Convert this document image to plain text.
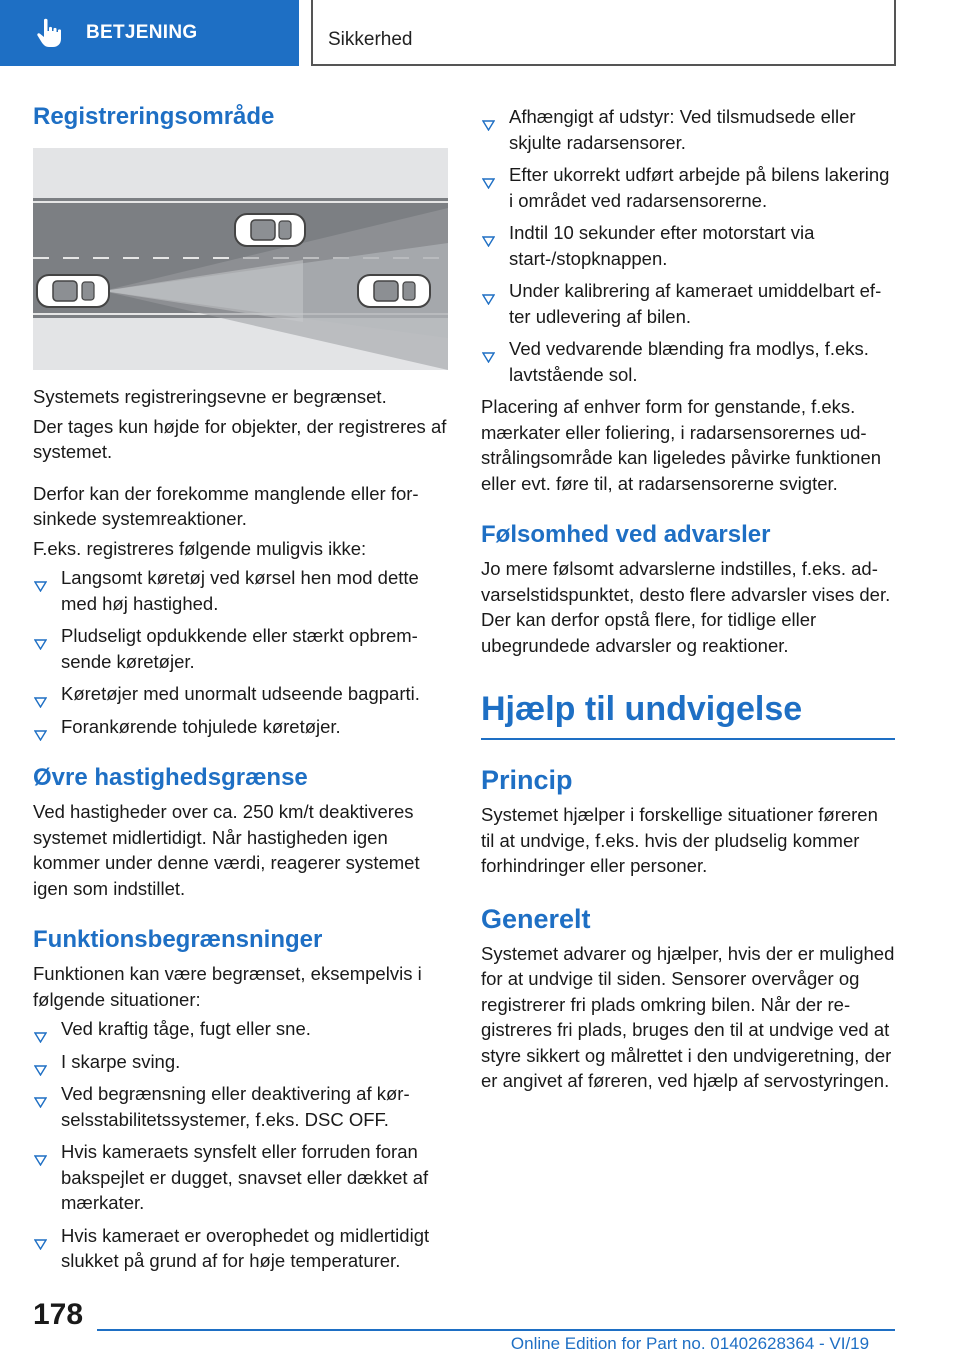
BETJENING	Sikkerhed
Registreringsområde

Systemets registreringsevne er begrænset.

Der tages kun højde for objekter, der registreres af systemet.

Derfor kan der forekomme manglende eller forsinkede systemreaktioner.

F.eks. registreres følgende muligvis ikke:

Langsomt køretøj ved kørsel hen mod dette med høj hastighed.
Pludseligt opdukkende eller stærkt opbremsende køretøjer.
Køretøjer med unormalt udseende bagparti.
Forankørende tohjulede køretøjer.
Øvre hastighedsgrænse

Ved hastigheder over ca. 250 km/t deaktiveres systemet midlertidigt. Når hastigheden igen kommer under denne værdi, reagerer systemet igen som indstillet.

Funktionsbegrænsninger

Funktionen kan være begrænset, eksempelvis i følgende situationer:

Ved kraftig tåge, fugt eller sne.
I skarpe sving.
Ved begrænsning eller deaktivering af kørselsstabilitetssystemer, f.eks. DSC OFF.
Hvis kameraets synsfelt eller forruden foran bakspejlet er dugget, snavset eller dækket af mærkater.
Hvis kameraet er overophedet og midlertidigt slukket på grund af for høje temperaturer.
Afhængigt af udstyr: Ved tilsmudsede eller skjulte radarsensorer.
Efter ukorrekt udført arbejde på bilens lakering i området ved radarsensorerne.
Indtil 10 sekunder efter motorstart via start-/stopknappen.
Under kalibrering af kameraet umiddelbart efter udlevering af bilen.
Ved vedvarende blænding fra modlys, f.eks. lavtstående sol.

Placering af enhver form for genstande, f.eks. mærkater eller foliering, i radarsensorernes udstrålingsområde kan ligeledes påvirke funktionen eller evt. føre til, at radarsensorerne svigter.

Følsomhed ved advarsler

Jo mere følsomt advarslerne indstilles, f.eks. advarselstidspunktet, desto flere advarsler vises der. Der kan derfor opstå flere, for tidlige eller ubegrundede advarsler og reaktioner.

Hjælp til undvigelse
Princip

Systemet hjælper i forskellige situationer føreren til at undvige, f.eks. hvis der pludselig kommer forhindringer eller personer.

Generelt

Systemet advarer og hjælper, hvis der er mulighed for at undvige til siden. Sensorer overvåger og registrerer fri plads omkring bilen. Når der registreres fri plads, bruges den til at undvige ved at styre sikkert og målrettet i den undvigeretning, der er angivet af føreren, ved hjælp af servostyringen.

178
Online Edition for Part no. 01402628364 - VI/19
